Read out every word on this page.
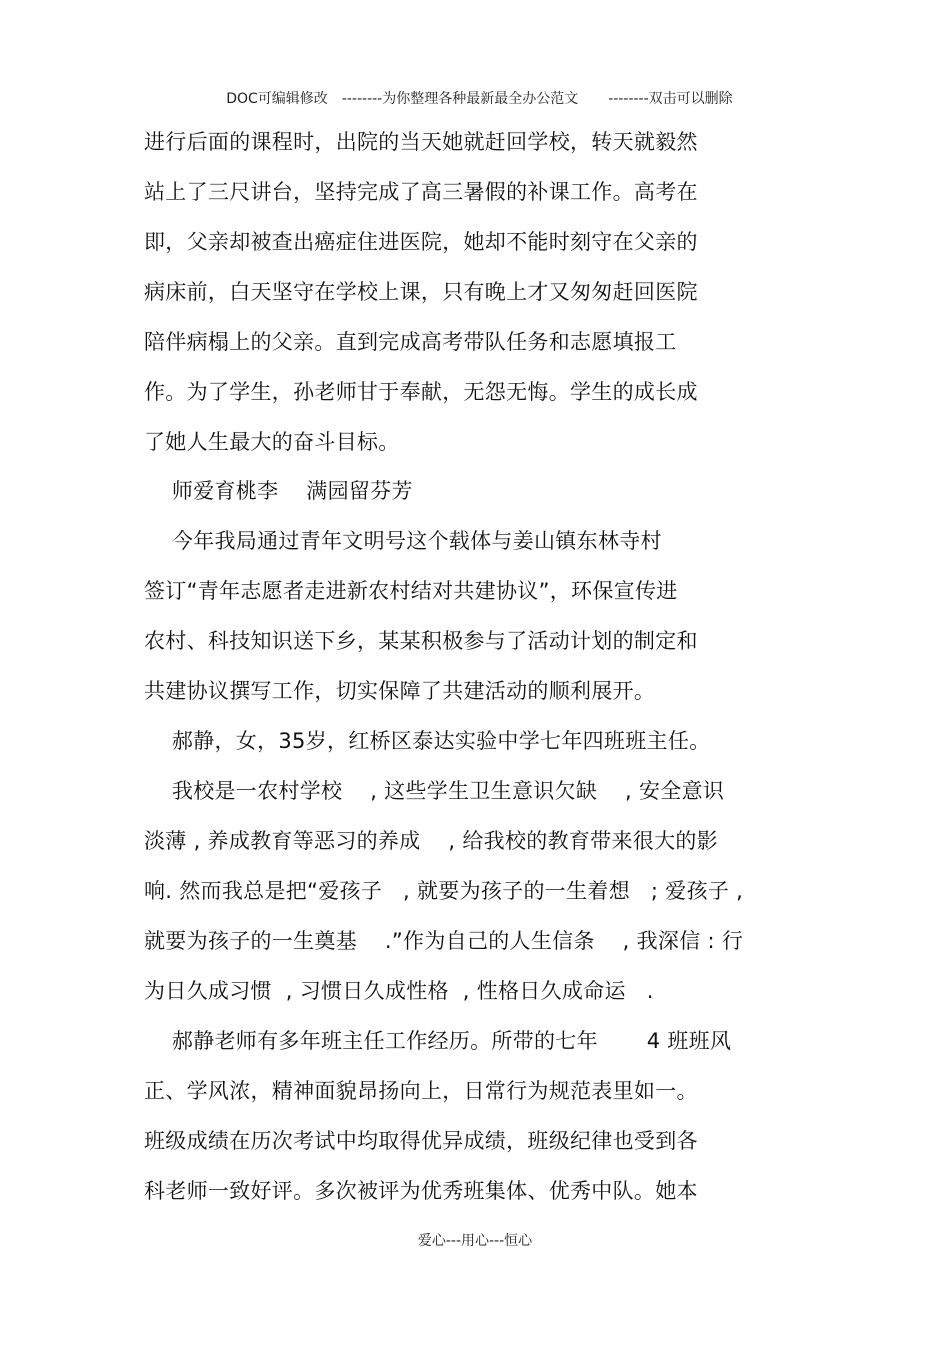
DOC可编辑修改 --------为你整理各种最新最全办公范文 --------双击可以删除

进行后面的课程时，出院的当天她就赶回学校，转天就毅然
站上了三尺讲台，坚持完成了高三暑假的补课工作。高考在
即，父亲却被查出癌症住进医院，她却不能时刻守在父亲的
病床前，白天坚守在学校上课，只有晚上才又匆匆赶回医院
陪伴病榻上的父亲。直到完成高考带队任务和志愿填报工
作。为了学生，孙老师甘于奉献，无怨无悔。学生的成长成
了她人生最大的奋斗目标。
师爱育桃李    满园留芬芳
今年我局通过青年文明号这个载体与姜山镇东林寺村
签订“青年志愿者走进新农村结对共建协议”，环保宣传进
农村、科技知识送下乡，某某积极参与了活动计划的制定和
共建协议撰写工作，切实保障了共建活动的顺利展开。
郝静，女，35岁，红桥区泰达实验中学七年四班班主任。
我校是一农村学校    , 这些学生卫生意识欠缺    , 安全意识
淡薄 , 养成教育等恶习的养成    , 给我校的教育带来很大的影
响. 然而我总是把“爱孩子   , 就要为孩子的一生着想   ; 爱孩子 ,
就要为孩子的一生奠基    .”作为自己的人生信条    , 我深信 : 行
为日久成习惯  , 习惯日久成性格  , 性格日久成命运   .
郝静老师有多年班主任工作经历。所带的七年       4 班班风
正、学风浓，精神面貌昂扬向上，日常行为规范表里如一。
班级成绩在历次考试中均取得优异成绩，班级纪律也受到各
科老师一致好评。多次被评为优秀班集体、优秀中队。她本
爱心---用心---恒心
